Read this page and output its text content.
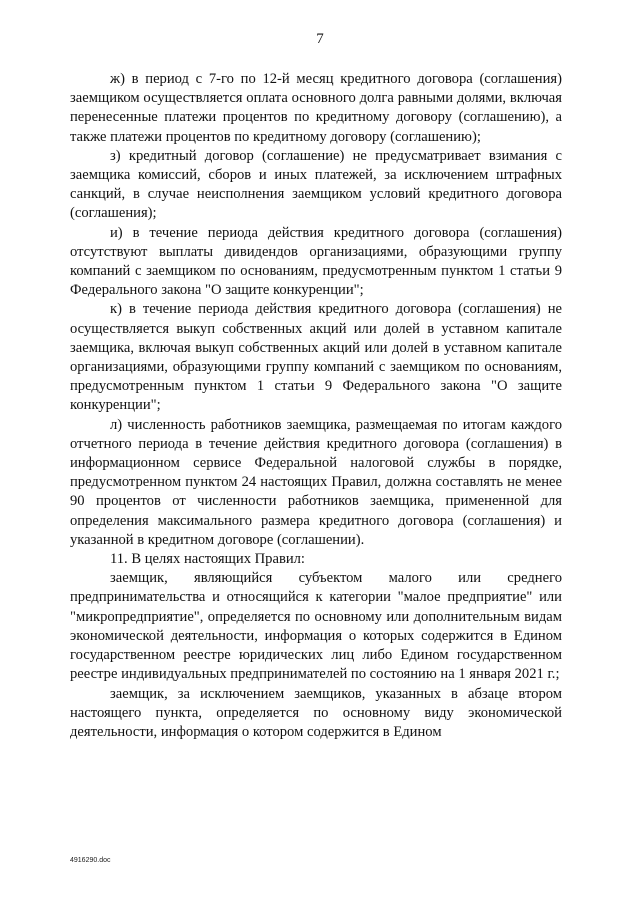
7

ж) в период с 7-го по 12-й месяц кредитного договора (соглашения) заемщиком осуществляется оплата основного долга равными долями, включая перенесенные платежи процентов по кредитному договору (соглашению), а также платежи процентов по кредитному договору (соглашению);

з) кредитный договор (соглашение) не предусматривает взимания с заемщика комиссий, сборов и иных платежей, за исключением штрафных санкций, в случае неисполнения заемщиком условий кредитного договора (соглашения);

и) в течение периода действия кредитного договора (соглашения) отсутствуют выплаты дивидендов организациями, образующими группу компаний с заемщиком по основаниям, предусмотренным пунктом 1 статьи 9 Федерального закона "О защите конкуренции";

к) в течение периода действия кредитного договора (соглашения) не осуществляется выкуп собственных акций или долей в уставном капитале заемщика, включая выкуп собственных акций или долей в уставном капитале организациями, образующими группу компаний с заемщиком по основаниям, предусмотренным пунктом 1 статьи 9 Федерального закона "О защите конкуренции";

л) численность работников заемщика, размещаемая по итогам каждого отчетного периода в течение действия кредитного договора (соглашения) в информационном сервисе Федеральной налоговой службы в порядке, предусмотренном пунктом 24 настоящих Правил, должна составлять не менее 90 процентов от численности работников заемщика, примененной для определения максимального размера кредитного договора (соглашения) и указанной в кредитном договоре (соглашении).

11. В целях настоящих Правил:

заемщик, являющийся субъектом малого или среднего предпринимательства и относящийся к категории "малое предприятие" или "микропредприятие", определяется по основному или дополнительным видам экономической деятельности, информация о которых содержится в Едином государственном реестре юридических лиц либо Едином государственном реестре индивидуальных предпринимателей по состоянию на 1 января 2021 г.;

заемщик, за исключением заемщиков, указанных в абзаце втором настоящего пункта, определяется по основному виду экономической деятельности, информация о котором содержится в Едином

4916290.doc
